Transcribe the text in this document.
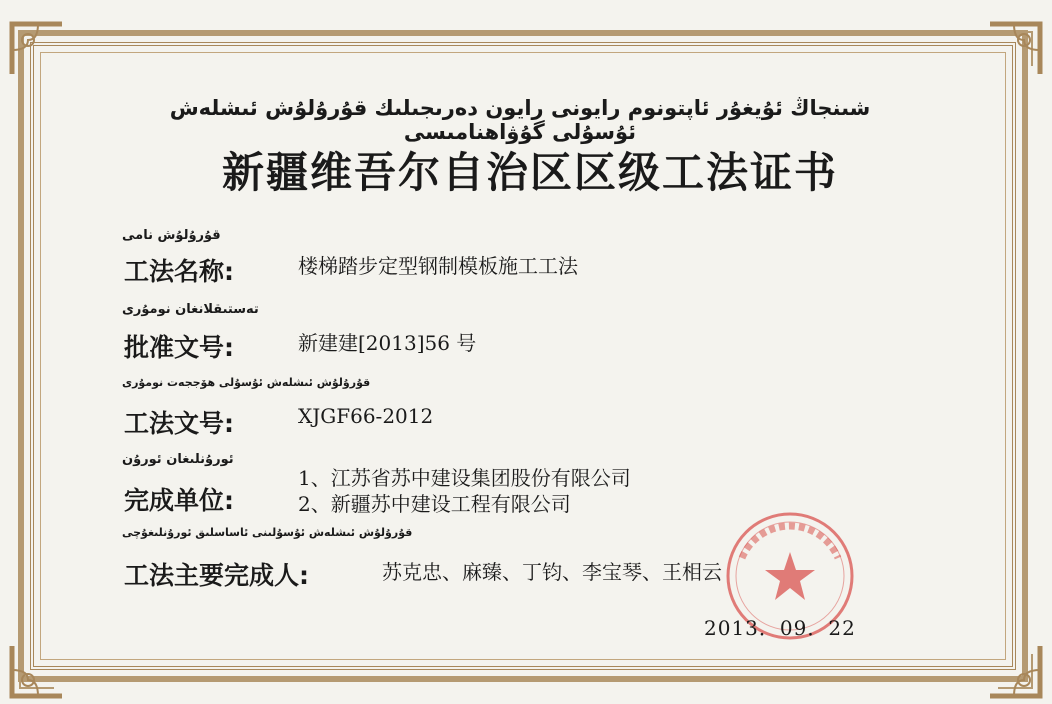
شىنجاڭ ئۇيغۇر ئاپتونوم رايونى رايون دەرىجىلىك قۇرۇلۇش ئىشلەش ئۇسۇلى گۇۋاھنامىسى
新疆维吾尔自治区区级工法证书
قۇرۇلۇش نامى
工法名称:	楼梯踏步定型钢制模板施工工法
تەستىقلانغان نومۇرى
批准文号:	新建建[2013]56 号
قۇرۇلۇش ئىشلەش ئۇسۇلى ھۆججەت نومۇرى
工法文号:	XJGF66-2012
ئورۇنلىغان ئورۇن
完成单位:
1、江苏省苏中建设集团股份有限公司
2、新疆苏中建设工程有限公司
قۇرۇلۇش ئىشلەش ئۇسۇلىنى ئاساسلىق ئورۇنلىغۇچى
工法主要完成人:	苏克忠、麻臻、丁钧、李宝琴、王相云
2013．09．22
